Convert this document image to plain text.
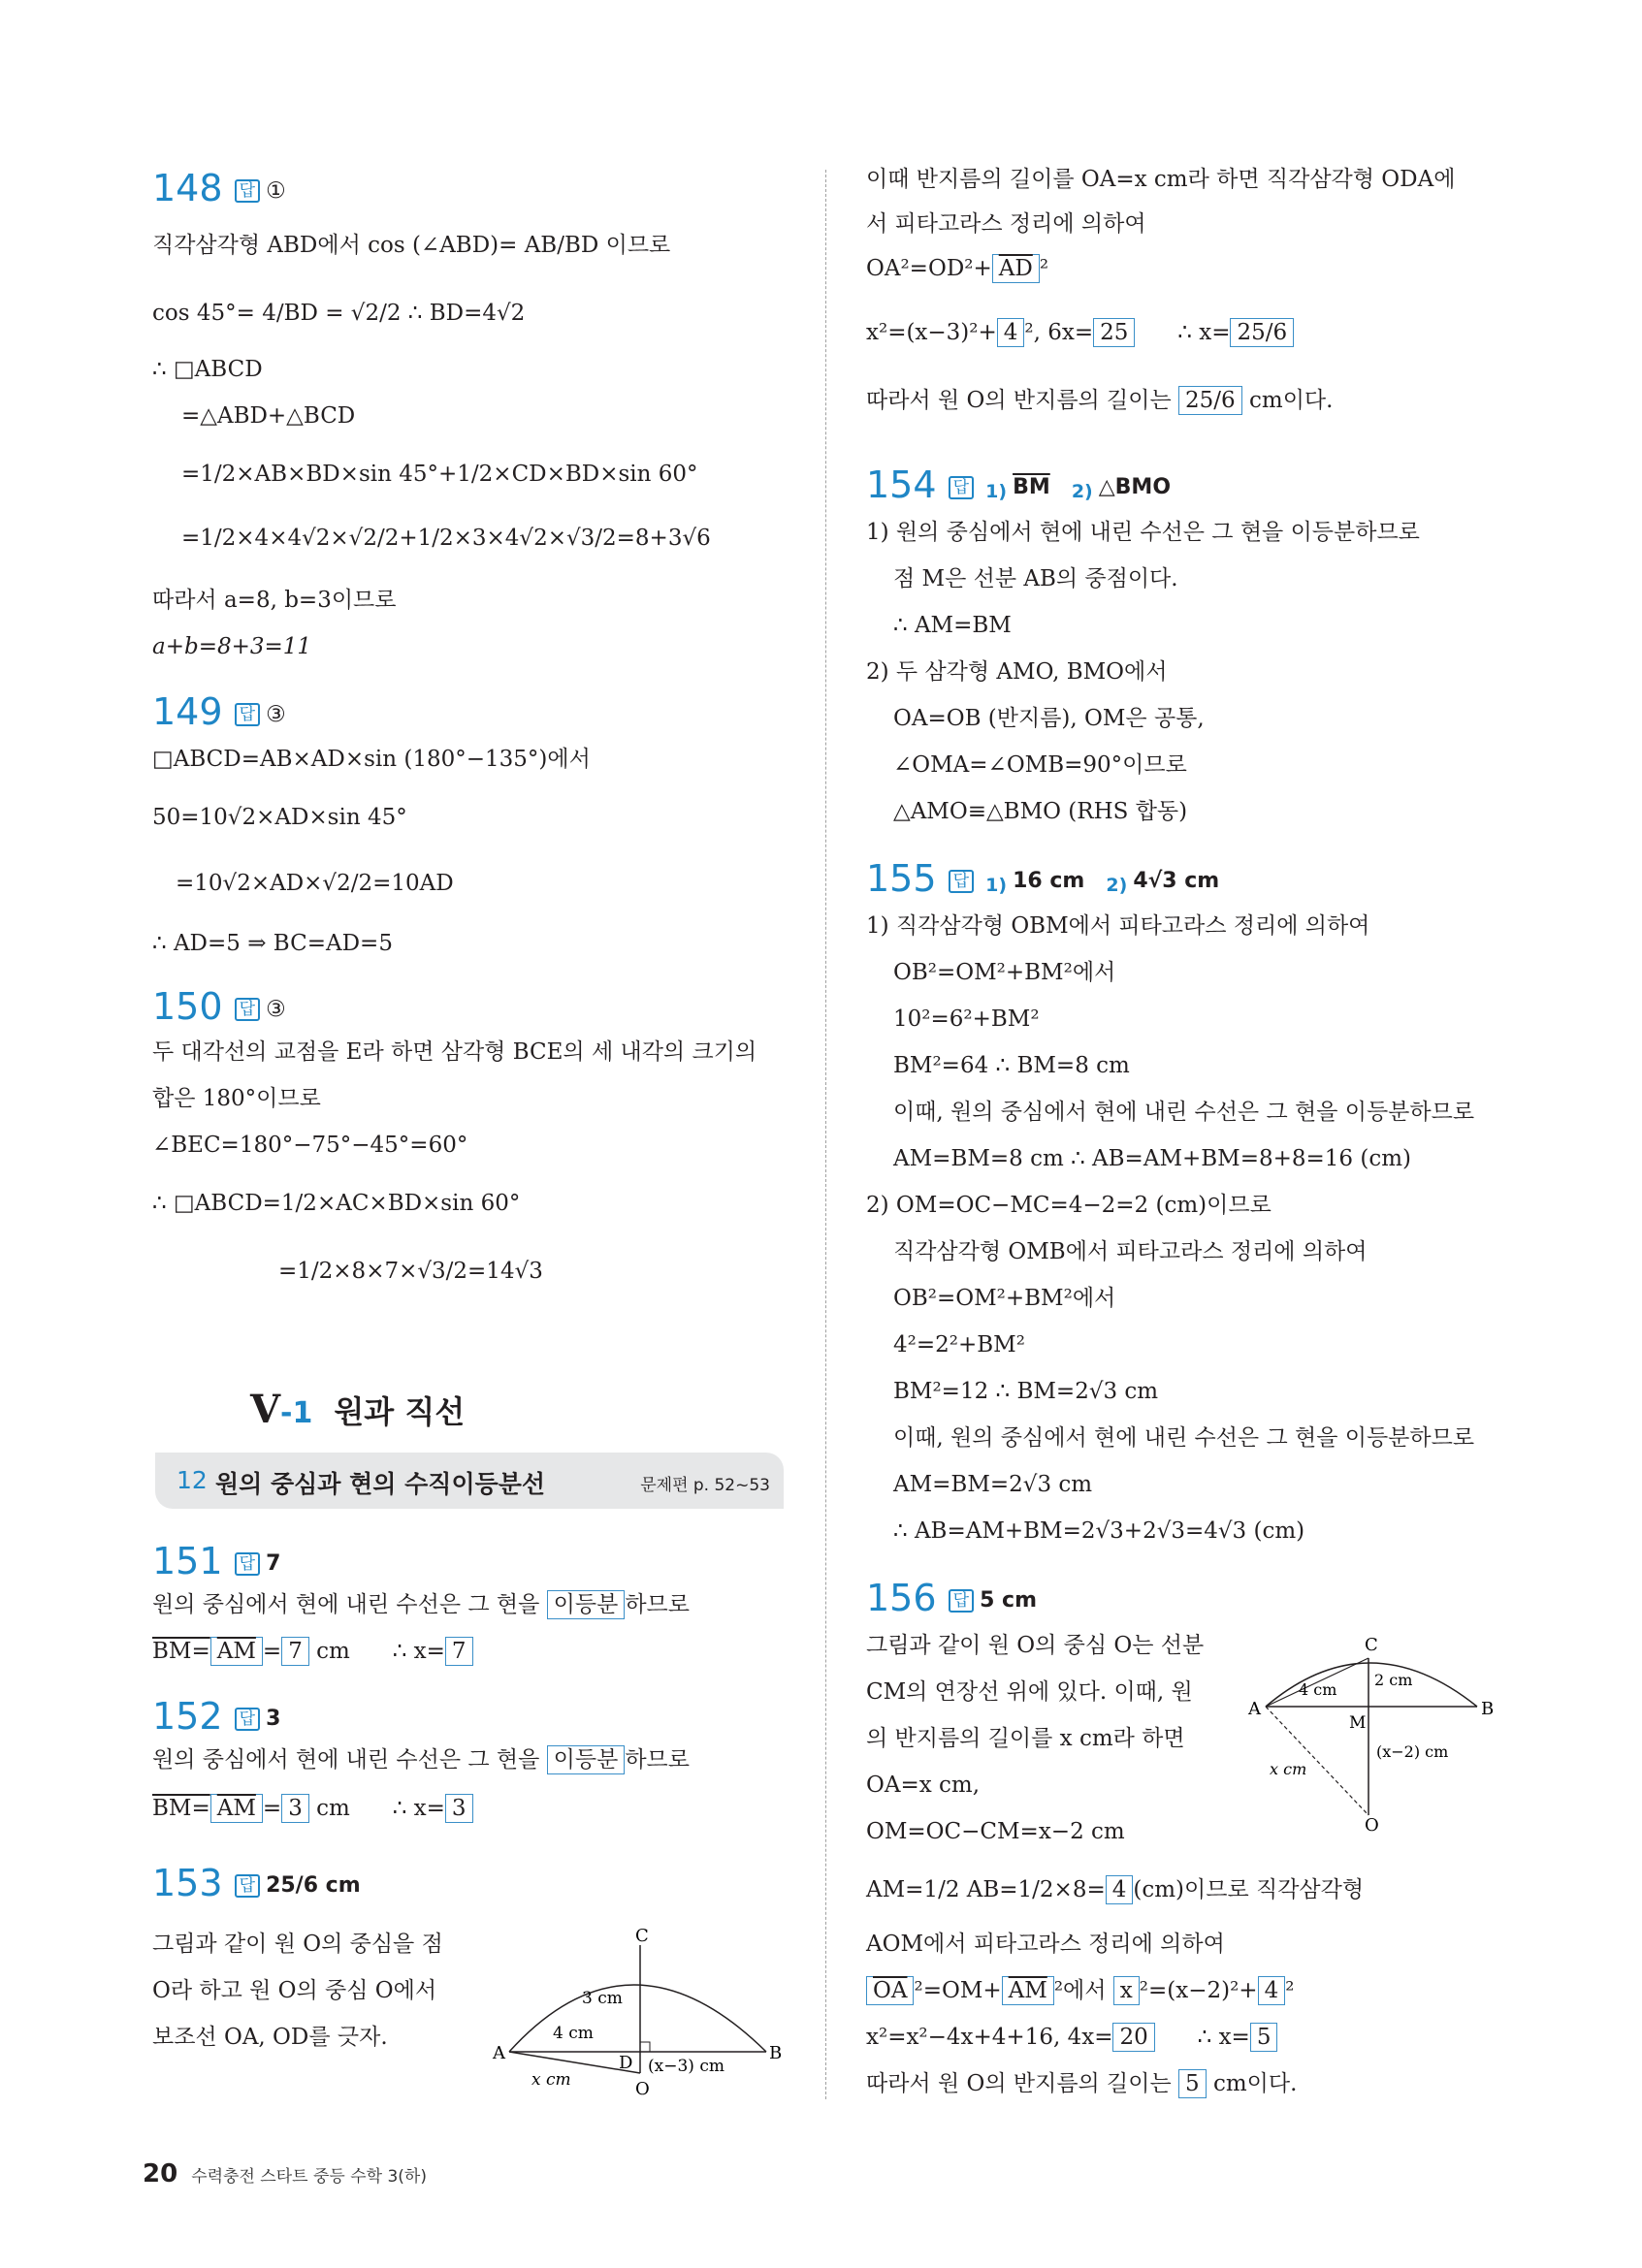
148 답 ①
직각삼각형 ABD에서 cos (∠ABD)= AB/BD 이므로
cos 45°= 4/BD = √2/2 ∴ BD=4√2
∴ □ABCD
=△ABD+△BCD
=1/2×AB×BD×sin 45°+1/2×CD×BD×sin 60°
=1/2×4×4√2×√2/2+1/2×3×4√2×√3/2=8+3√6
따라서 a=8, b=3이므로
a+b=8+3=11
149 답 ③
□ABCD=AB×AD×sin (180°−135°)에서
50=10√2×AD×sin 45°
=10√2×AD×√2/2=10AD
∴ AD=5 ⇒ BC=AD=5
150 답 ③
두 대각선의 교점을 E라 하면 삼각형 BCE의 세 내각의 크기의
합은 180°이므로
∠BEC=180°−75°−45°=60°
∴ □ABCD=1/2×AC×BD×sin 60°
=1/2×8×7×√3/2=14√3
V-1 원과 직선
12 원의 중심과 현의 수직이등분선	문제편 p. 52~53
151 답 7
원의 중심에서 현에 내린 수선은 그 현을 이등분 하므로
$BM= \overline{AM} = 7$ cm ∴ x= 7
152 답 3
원의 중심에서 현에 내린 수선은 그 현을 이등분 하므로
$BM= \overline{AM} = 3$ cm ∴ x= 3
153 답 25/6 cm
그림과 같이 원 O의 중심을 점
O라 하고 원 O의 중심 O에서
보조선 OA, OD를 긋자.
C
A	B
D
O
3 cm
4 cm
(x−3) cm
x cm
이때 반지름의 길이를 OA=x cm라 하면 직각삼각형 ODA에
서 피타고라스 정리에 의하여
$OA^2=OD^2+ \overline{AD}$ ²
x²=(x−3)²+ 4 ², 6x= 25 ∴ x= 25/6
따라서 원 O의 반지름의 길이는 25/6 cm이다.
154 답 1) $\overline{BM}$ 2) △BMO
1) 원의 중심에서 현에 내린 수선은 그 현을 이등분하므로
점 M은 선분 AB의 중점이다.
∴ AM=BM
2) 두 삼각형 AMO, BMO에서
OA=OB (반지름), OM은 공통,
∠OMA=∠OMB=90°이므로
△AMO≡△BMO (RHS 합동)
155 답 1) 16 cm 2) 4√3 cm
1) 직각삼각형 OBM에서 피타고라스 정리에 의하여
OB²=OM²+BM²에서
10²=6²+BM²
BM²=64 ∴ BM=8 cm
이때, 원의 중심에서 현에 내린 수선은 그 현을 이등분하므로
AM=BM=8 cm ∴ AB=AM+BM=8+8=16 (cm)
2) OM=OC−MC=4−2=2 (cm)이므로
직각삼각형 OMB에서 피타고라스 정리에 의하여
OB²=OM²+BM²에서
4²=2²+BM²
BM²=12 ∴ BM=2√3 cm
이때, 원의 중심에서 현에 내린 수선은 그 현을 이등분하므로
AM=BM=2√3 cm
∴ AB=AM+BM=2√3+2√3=4√3 (cm)
156 답 5 cm
그림과 같이 원 O의 중심 O는 선분
CM의 연장선 위에 있다. 이때, 원
의 반지름의 길이를 x cm라 하면
OA=x cm,
OM=OC−CM=x−2 cm
AM=1/2 AB=1/2×8= 4 (cm)이므로 직각삼각형
AOM에서 피타고라스 정리에 의하여
$\overline{OA}$ $^2=OM+ \overline{AM}$ ²에서 x ²=(x−2)²+ 4 ²
x²=x²−4x+4+16, 4x= 20 ∴ x= 5
따라서 원 O의 반지름의 길이는 5 cm이다.
C
A	B
M
O
4 cm
2 cm
(x−2) cm
x cm
20 수력충전 스타트 중등 수학 3(하)
